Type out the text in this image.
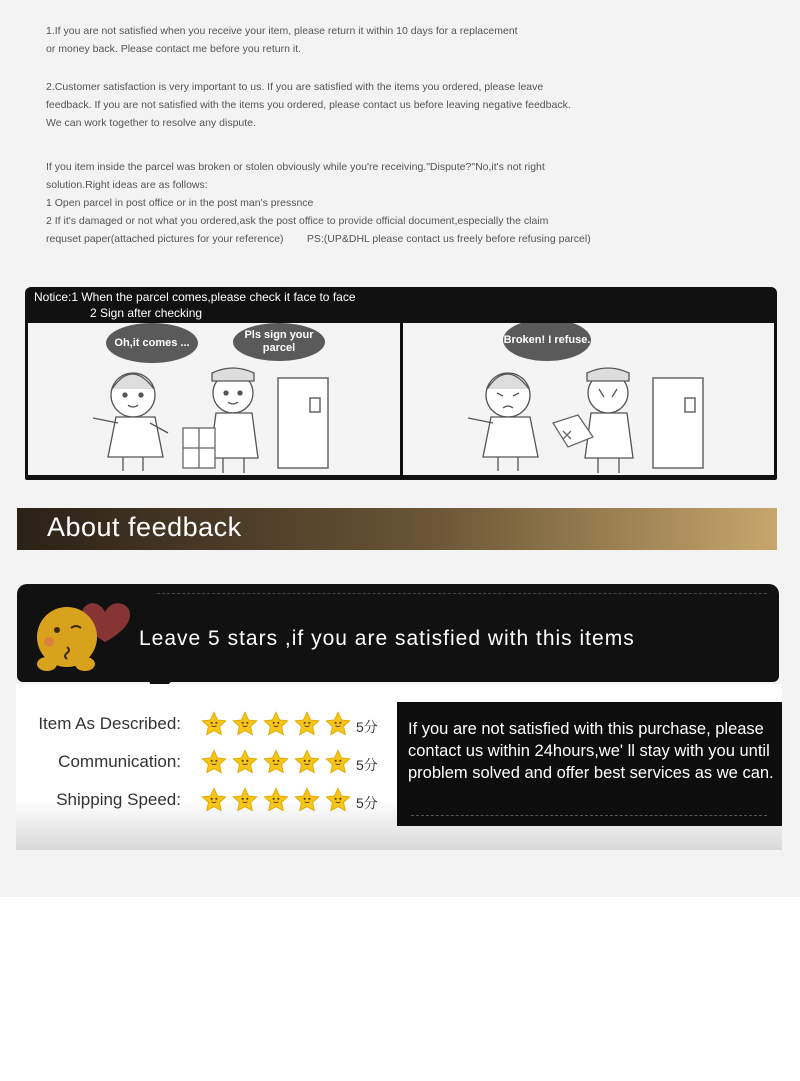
1.If you are not satisfied when you receive your item, please return it within 10 days for a replacement

or money back. Please contact me before you return it.

2.Customer satisfaction is very important to us. If you are satisfied with the items you ordered, please leave

feedback. If you are not satisfied with the items you ordered, please contact us before leaving negative feedback.

We can work together to resolve any dispute.

If you item inside the parcel was broken or stolen obviously while you're receiving."Dispute?"No,it's not right

solution.Right ideas are as follows:

1 Open parcel in post office or in the post man's pressnce

2 If it's damaged or not what you ordered,ask the post office to provide official document,especially the claim

requset paper(attached pictures for your reference)        PS:(UP&DHL please contact us freely before refusing parcel)

Notice:1 When the parcel comes,please check it face to face
2 Sign after checking
Oh,it comes ...
Pls sign your parcel
Broken! I refuse.
About feedback
Leave 5 stars ,if you are satisfied with this items
Item As Described:	5分
Communication:	5分
Shipping Speed:	5分

If you are not satisfied with this purchase, please contact us within 24hours,we' ll stay with you until problem solved and offer best services as we can.
